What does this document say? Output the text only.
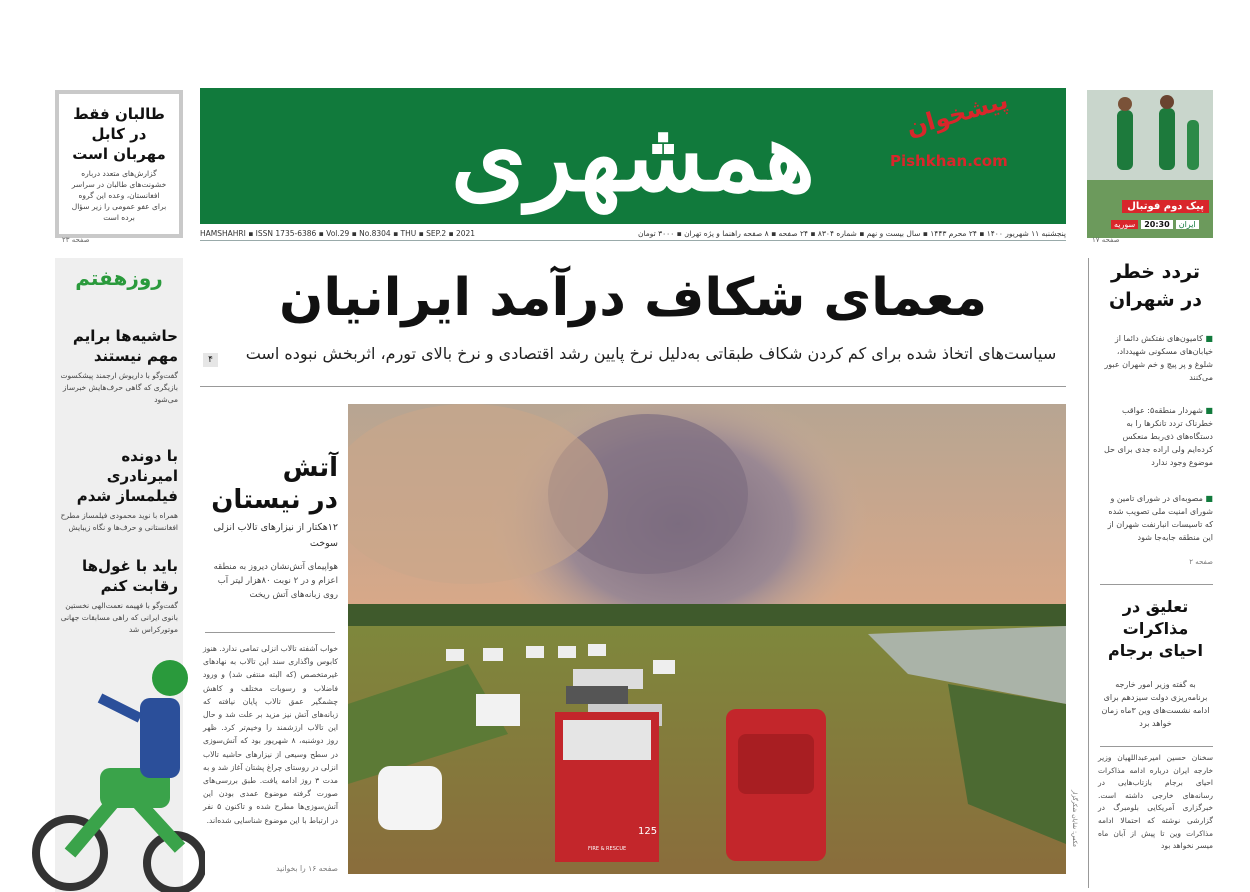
همشهری	پیشخوان
Pishkhan.com
HAMSHAHRI ▪ ISSN 1735-6386 ▪ Vol.29 ▪ No.8304 ▪ THU ▪ SEP.2 ▪ 2021	پنجشنبه ۱۱ شهریور ۱۴۰۰ ▪ ۲۴ محرم ۱۴۴۳ ▪ سال بیست و نهم ▪ شماره ۸۳۰۴ ▪ ۲۴ صفحه ▪ ۸ صفحه راهنما و یژه تهران ▪ ۳۰۰۰ تومان
طالبان فقط در کابل مهربان است
گزارش‌های متعدد درباره خشونت‌های طالبان در سراسر افغانستان، وعده این گروه برای عفو عمومی را زیر سؤال برده است
صفحه ۲۳
پیک دوم فوتبال
سوریه	20:30	ایران
صفحه ۱۷
معمای شکاف درآمد ایرانیان
سیاست‌های اتخاذ شده برای کم کردن شکاف طبقاتی به‌دلیل نرخ پایین رشد اقتصادی و نرخ بالای تورم، اثربخش نبوده است
۴
روزهفتم
حاشیه‌ها برایم مهم نیستند
گفت‌وگو با داریوش ارجمند پیشکسوت بازیگری که گاهی حرف‌هایش خبرساز می‌شود
با دونده امیرنادری فیلمساز شدم
همراه با نوید محمودی فیلمساز مطرح افغانستانی و حرف‌ها و نگاه زیبایش
باید با غول‌ها رقابت کنم
گفت‌وگو با فهیمه نعمت‌الهی نخستین بانوی ایرانی که راهی مسابقات جهانی موتورکراس شد
آتش
در نیستان
۱۲هکتار از نیزارهای تالاب انزلی سوخت
هواپیمای آتش‌نشان دیروز به منطقه اعزام و در ۲ نوبت ۸۰هزار لیتر آب روی زبانه‌های آتش ریخت
خواب آشفته تالاب انزلی تمامی ندارد. هنوز کابوس واگذاری سند این تالاب به نهادهای غیرمتخصص (که البته منتفی شد) و ورود فاضلاب و رسوبات مختلف و کاهش چشمگیر عمق تالاب پایان نیافته که زبانه‌های آتش نیز مزید بر علت شد و حال این تالاب ارزشمند را وخیم‌تر کرد. ظهر روز دوشنبه، ۸ شهریور بود که آتش‌سوزی در سطح وسیعی از نیزارهای حاشیه تالاب انزلی در روستای چراغ پشتان آغاز شد و به مدت ۳ روز ادامه یافت. طبق بررسی‌های صورت گرفته موضوع عمدی بودن این آتش‌سوزی‌ها مطرح شده و تاکنون ۵ نفر در ارتباط با این موضوع شناسایی شده‌اند.
صفحه ۱۶ را بخوانید
125
FIRE & RESCUE
عکس: شایان شکرگزار
تردد خطر در شهران
■ کامیون‌های نفتکش دائما از خیابان‌های مسکونی شهیدداد، شلوغ و پر پیچ و خم شهران عبور می‌کنند
■ شهردار منطقه۵: عواقب خطرناک تردد تانکرها را به دستگاه‌های ذی‌ربط منعکس کرده‌ایم ولی اراده جدی برای حل موضوع وجود ندارد
■ مصوبه‌ای در شورای تامین و شورای امنیت ملی تصویب شده که تاسیسات انبارنفت شهران از این منطقه جابه‌جا شود
صفحه ۲
تعلیق در مذاکرات احیای برجام
به گفته وزیر امور خارجه برنامه‌ریزی دولت سیزدهم برای ادامه نشست‌های وین ۳ماه زمان خواهد برد
سخنان حسین امیرعبداللهیان وزیر خارجه ایران درباره ادامه مذاکرات احیای برجام بازتاب‌هایی در رسانه‌های خارجی داشته است. خبرگزاری آمریکایی بلومبرگ در گزارشی نوشته که احتمالا ادامه مذاکرات وین تا پیش از آبان ماه میسر نخواهد بود
